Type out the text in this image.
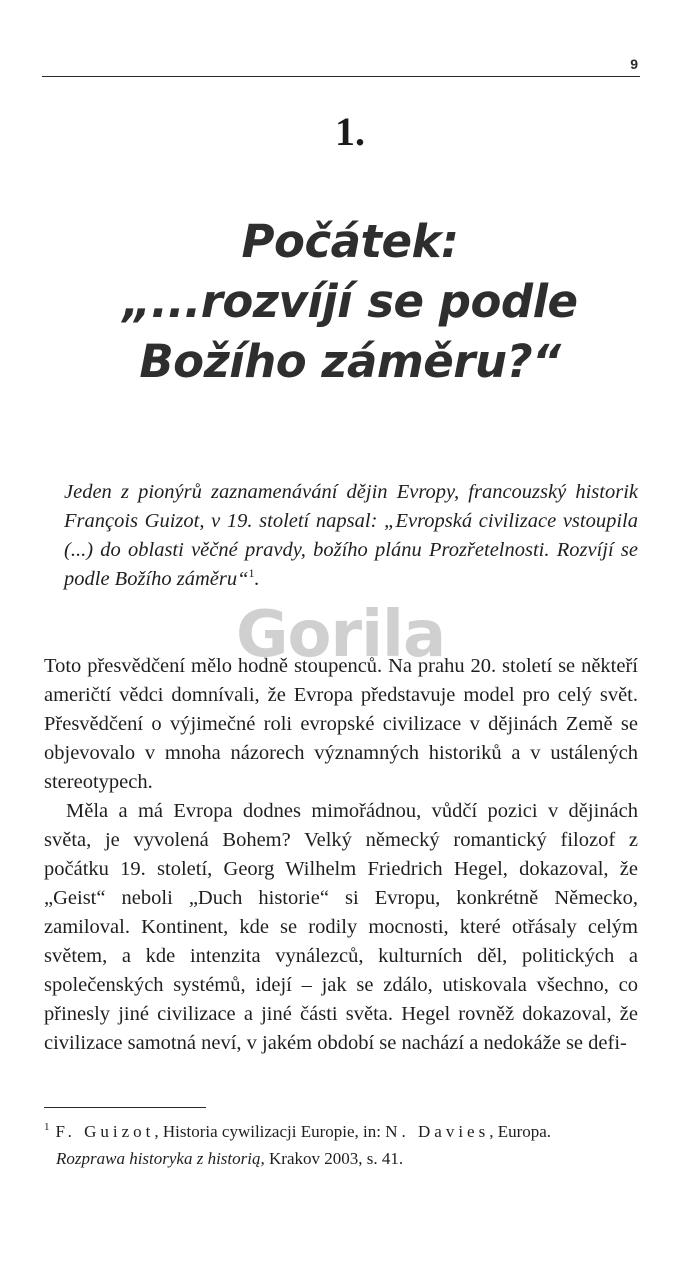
9
1.
Počátek:
„...rozvíjí se podle
Božího záměru?“

Jeden z pionýrů zaznamenávání dějin Evropy, francouzský historik François Guizot, v 19. století napsal: „Evropská civilizace vstoupila (...) do oblasti věčné pravdy, božího plánu Prozřetelnosti. Rozvíjí se podle Božího záměru“$^1$.

Toto přesvědčení mělo hodně stoupenců. Na prahu 20. století se někteří američtí vědci domnívali, že Evropa představuje model pro celý svět. Přesvědčení o výjimečné roli evropské civilizace v dějinách Země se objevovalo v mnoha názorech významných historiků a v ustálených stereotypech.

Měla a má Evropa dodnes mimořádnou, vůdčí pozici v dějinách světa, je vyvolená Bohem? Velký německý romantický filozof z počátku 19. století, Georg Wilhelm Friedrich Hegel, dokazoval, že „Geist“ neboli „Duch historie“ si Evropu, konkrétně Německo, zamiloval. Kontinent, kde se rodily mocnosti, které otřásaly celým světem, a kde intenzita vynálezců, kulturních děl, politických a společenských systémů, idejí – jak se zdálo, utiskovala všechno, co přinesly jiné civilizace a jiné části světa. Hegel rovněž dokazoval, že civilizace samotná neví, v jakém období se nachází a nedokáže se defi-

Gorila
$^1$ F. Guizot, Historia cywilizacji Europie, in: N. Davies, Europa.
Rozprawa historyka z historią, Krakov 2003, s. 41.
